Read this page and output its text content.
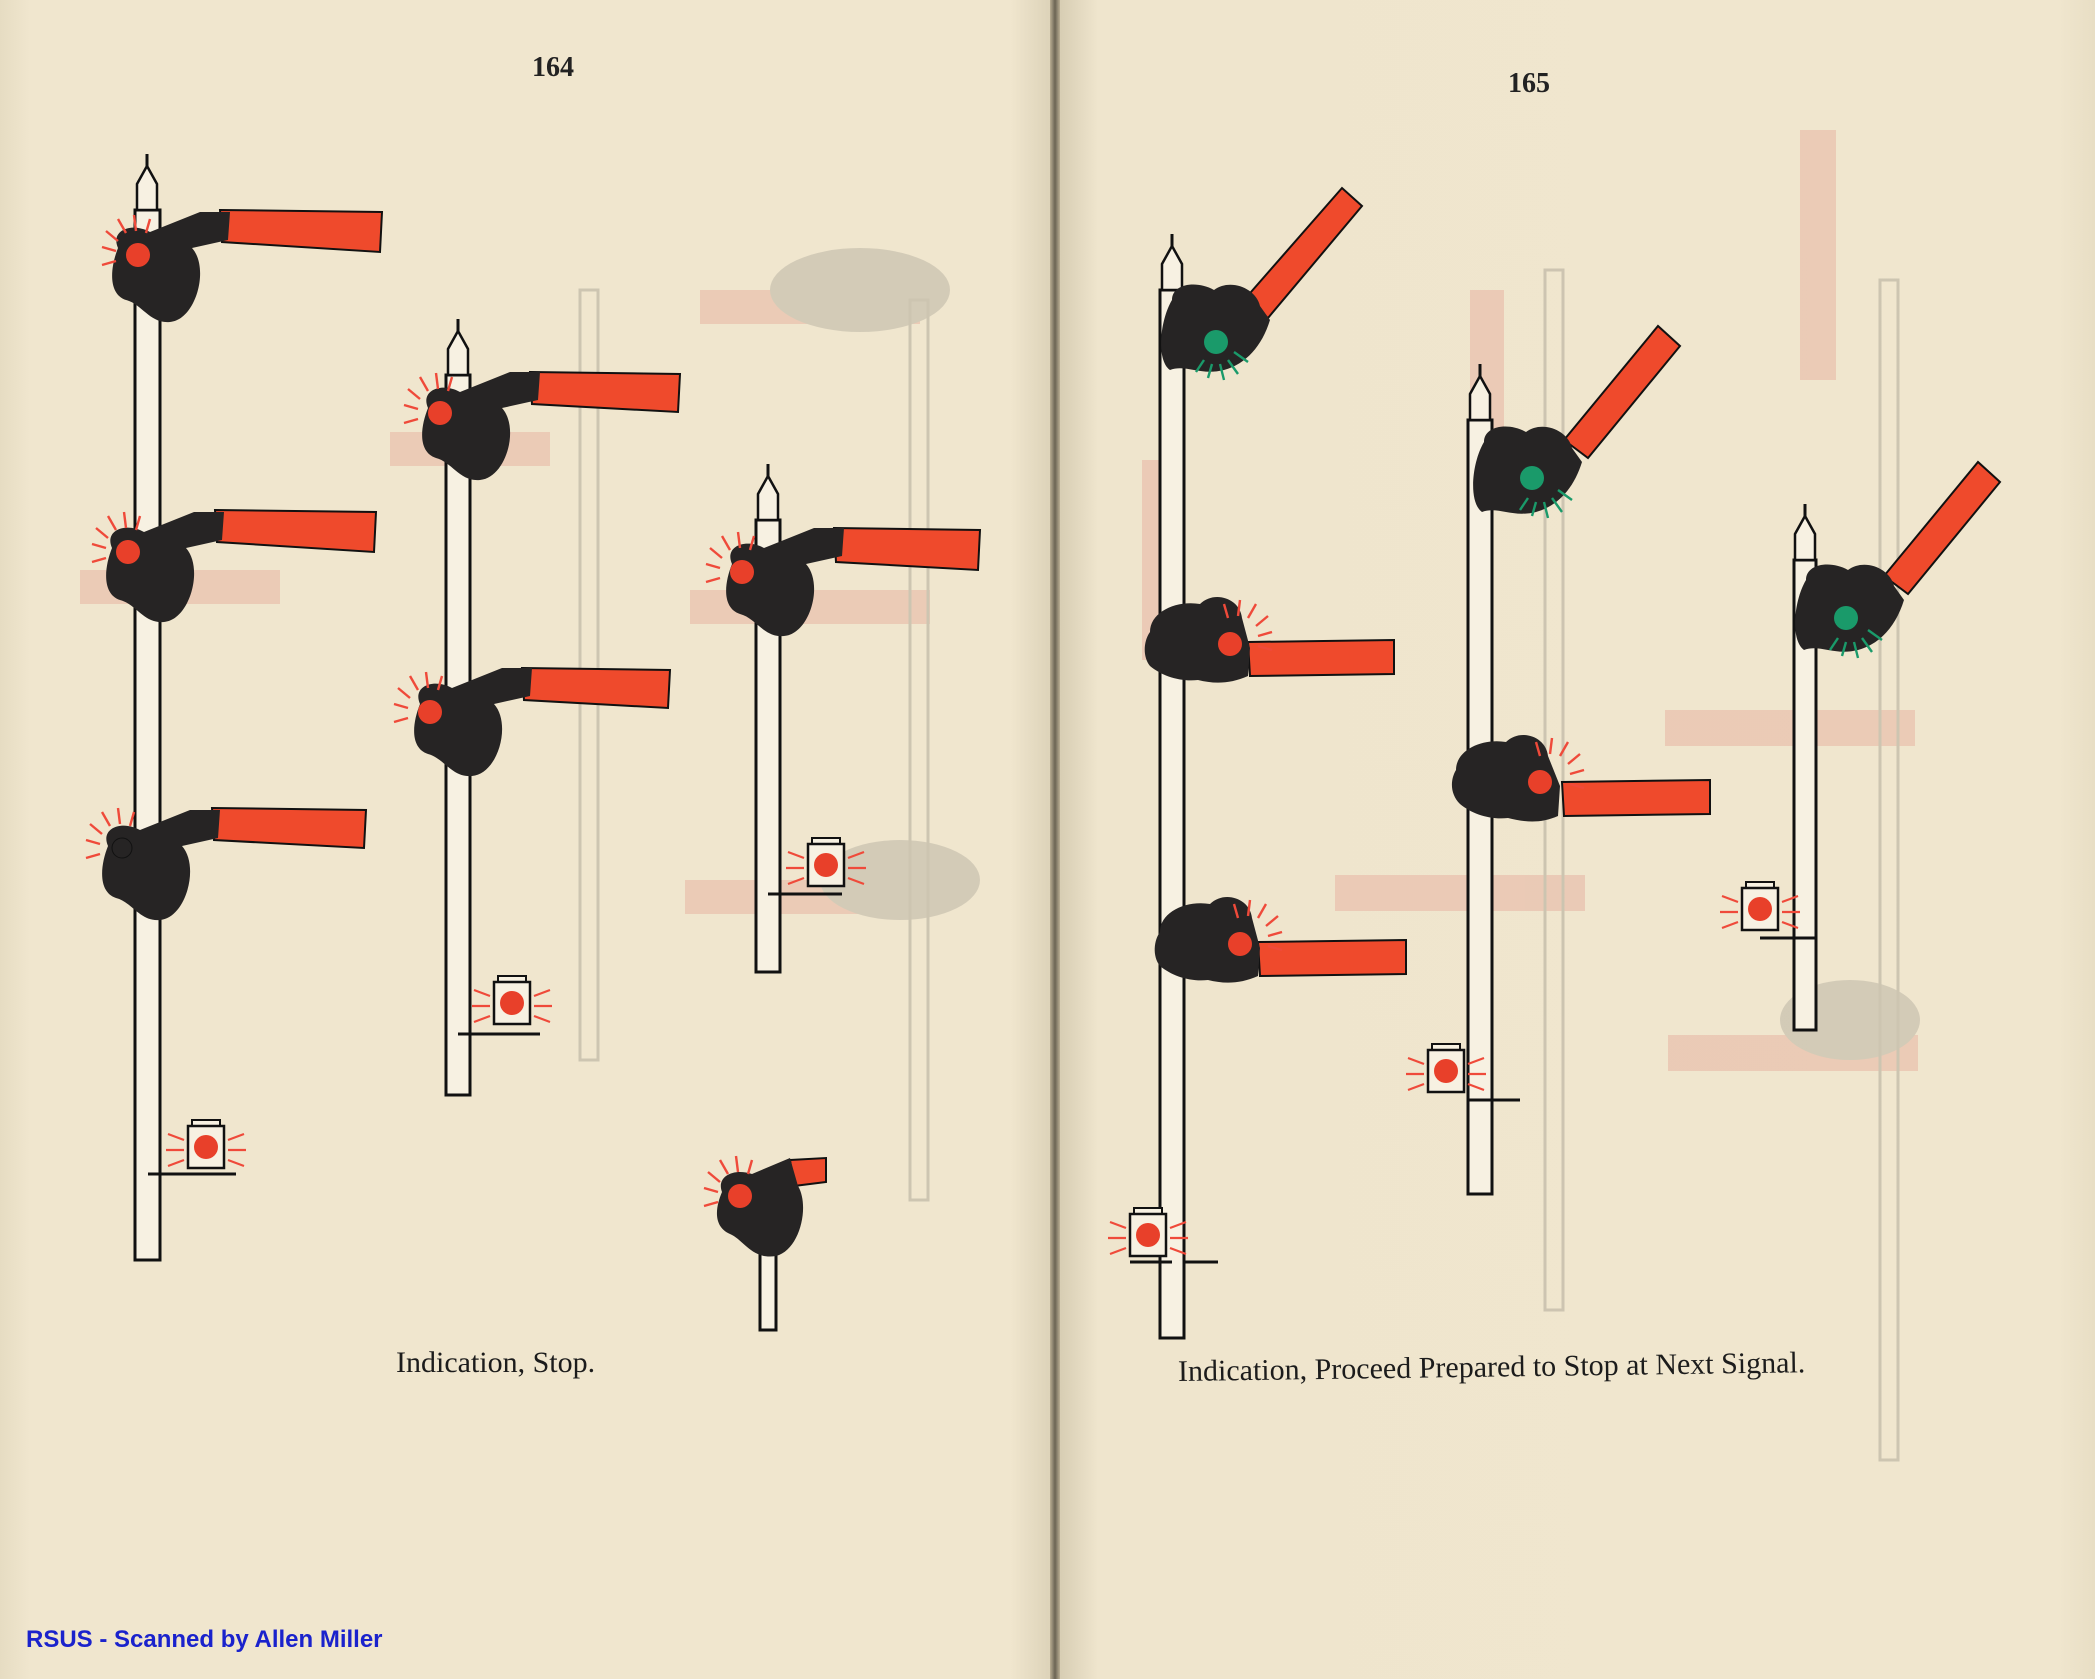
164
165
Indication, Stop.	Indication, Proceed Prepared to Stop at Next Signal.
RSUS - Scanned by Allen Miller
